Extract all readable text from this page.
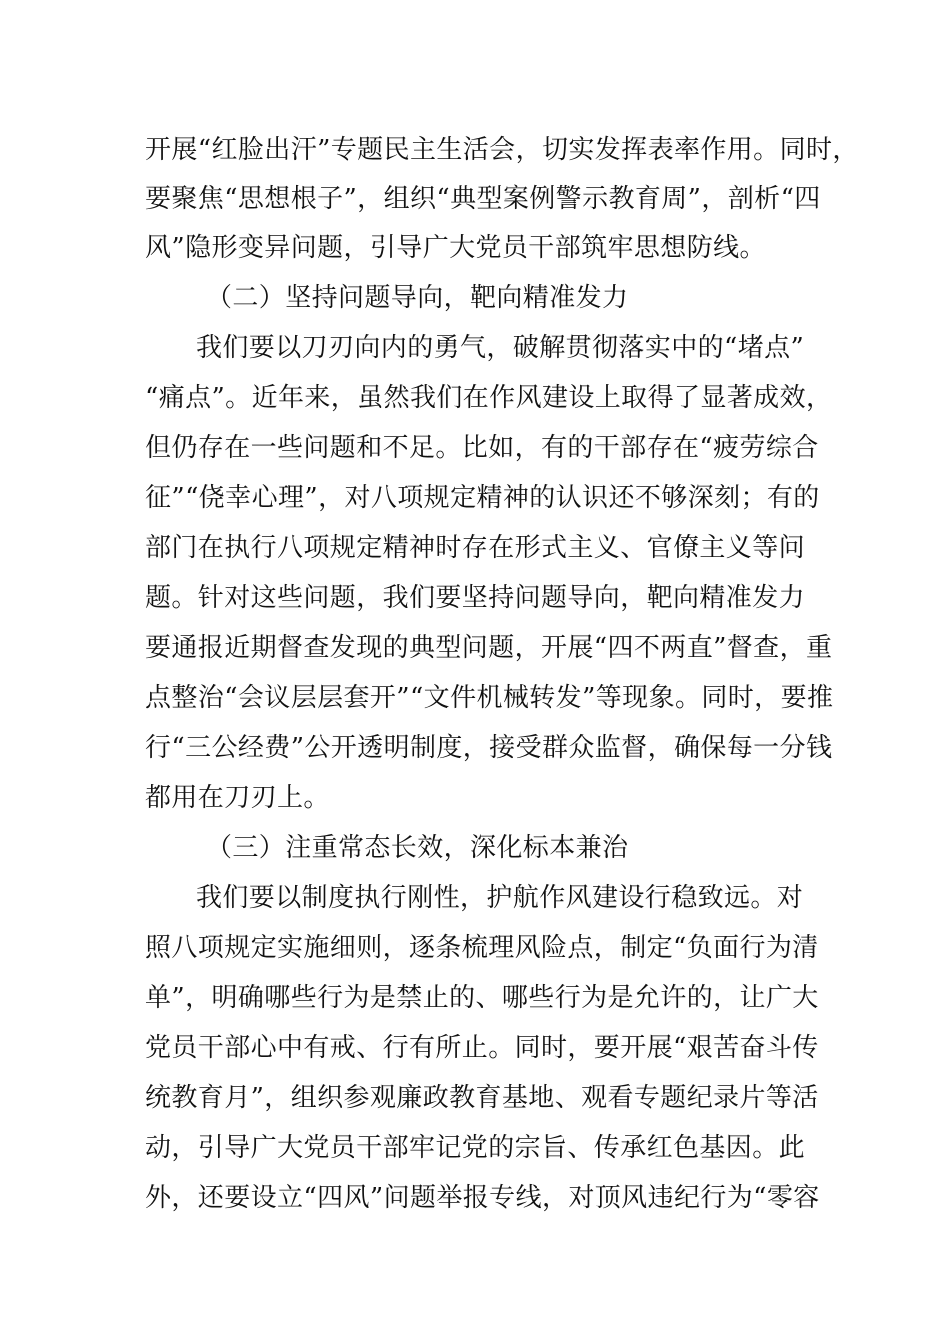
开展“红脸出汗”专题民主生活会，切实发挥表率作用。同时，
要聚焦“思想根子”，组织“典型案例警示教育周”，剖析“四
风”隐形变异问题，引导广大党员干部筑牢思想防线。
（二）坚持问题导向，靶向精准发力
我们要以刀刃向内的勇气，破解贯彻落实中的“堵点”
“痛点”。近年来，虽然我们在作风建设上取得了显著成效，
但仍存在一些问题和不足。比如，有的干部存在“疲劳综合
征”“侥幸心理”，对八项规定精神的认识还不够深刻；有的
部门在执行八项规定精神时存在形式主义、官僚主义等问
题。针对这些问题，我们要坚持问题导向，靶向精准发力
要通报近期督查发现的典型问题，开展“四不两直”督查，重
点整治“会议层层套开”“文件机械转发”等现象。同时，要推
行“三公经费”公开透明制度，接受群众监督，确保每一分钱
都用在刀刃上。
（三）注重常态长效，深化标本兼治
我们要以制度执行刚性，护航作风建设行稳致远。对
照八项规定实施细则，逐条梳理风险点，制定“负面行为清
单”，明确哪些行为是禁止的、哪些行为是允许的，让广大
党员干部心中有戒、行有所止。同时，要开展“艰苦奋斗传
统教育月”，组织参观廉政教育基地、观看专题纪录片等活
动，引导广大党员干部牢记党的宗旨、传承红色基因。此
外，还要设立“四风”问题举报专线，对顶风违纪行为“零容
